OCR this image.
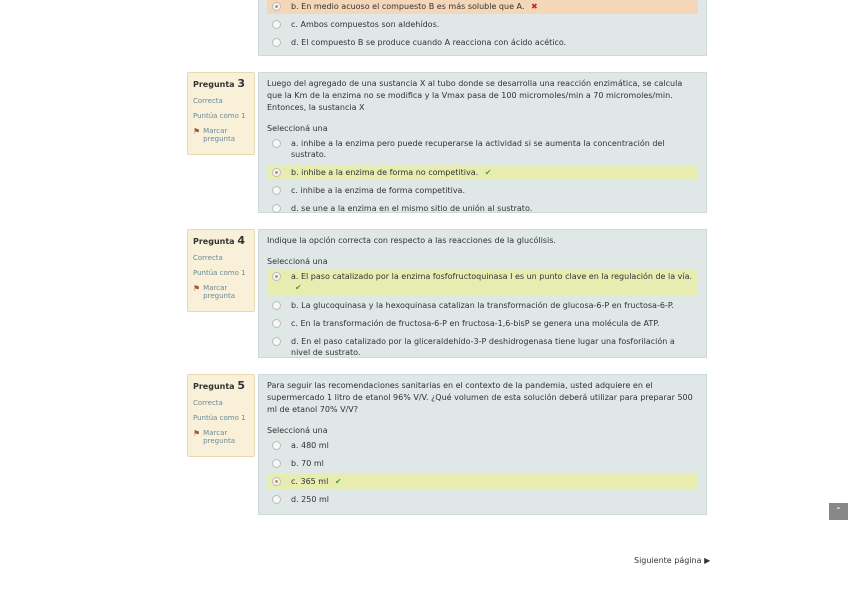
b. En medio acuoso el compuesto B es más soluble que A. ✖
c. Ambos compuestos son aldehídos.
d. El compuesto B se produce cuando A reacciona con ácido acético.
Pregunta 3
Correcta
Puntúa como 1
⚑ Marcar pregunta
Luego del agregado de una sustancia X al tubo donde se desarrolla una reacción enzimática, se calcula que la Km de la enzima no se modifica y la Vmax pasa de 100 micromoles/min a 70 micromoles/min. Entonces, la sustancia X
Seleccioná una
a. inhibe a la enzima pero puede recuperarse la actividad si se aumenta la concentración del sustrato.
b. inhibe a la enzima de forma no competitiva. ✔
c. inhibe a la enzima de forma competitiva.
d. se une a la enzima en el mismo sitio de unión al sustrato.
Pregunta 4
Correcta
Puntúa como 1
⚑ Marcar pregunta
Indique la opción correcta con respecto a las reacciones de la glucólisis.
Seleccioná una
a. El paso catalizado por la enzima fosfofructoquinasa I es un punto clave en la regulación de la vía. ✔
b. La glucoquinasa y la hexoquinasa catalizan la transformación de glucosa-6-P en fructosa-6-P.
c. En la transformación de fructosa-6-P en fructosa-1,6-bisP se genera una molécula de ATP.
d. En el paso catalizado por la gliceraldehído-3-P deshidrogenasa tiene lugar una fosforilación a nivel de sustrato.
Pregunta 5
Correcta
Puntúa como 1
⚑ Marcar pregunta
Para seguir las recomendaciones sanitarias en el contexto de la pandemia, usted adquiere en el supermercado 1 litro de etanol 96% V/V. ¿Qué volumen de esta solución deberá utilizar para preparar 500 ml de etanol 70% V/V?
Seleccioná una
a. 480 ml
b. 70 ml
c. 365 ml ✔
d. 250 ml
Siguiente página ▶
⌃
